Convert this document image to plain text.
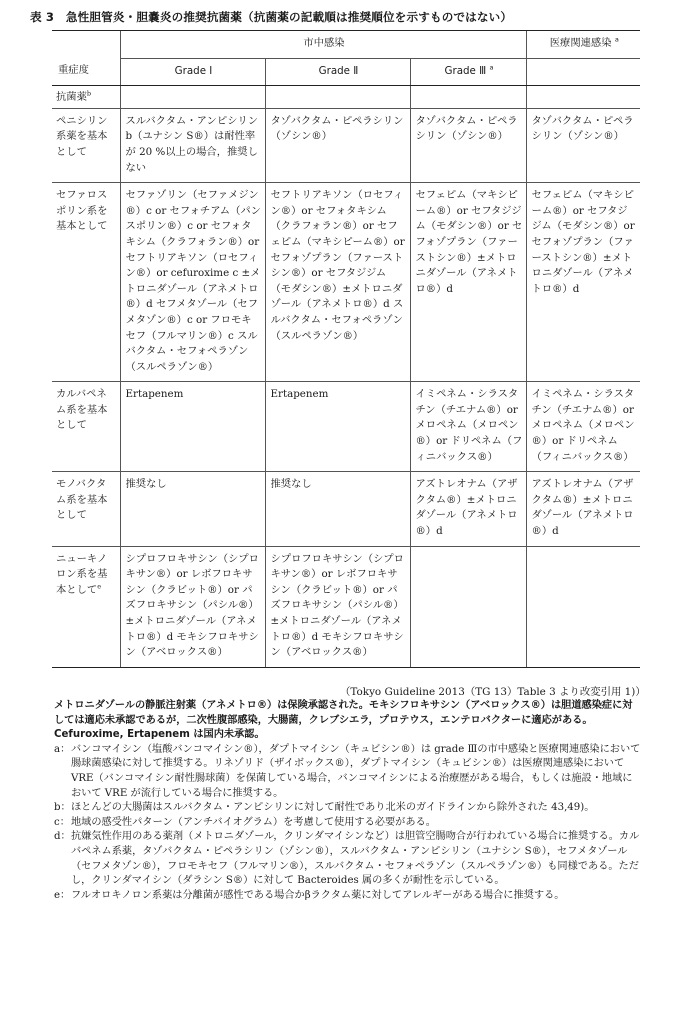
表 3　急性胆管炎・胆嚢炎の推奨抗菌薬（抗菌薬の記載順は推奨順位を示すものではない）
	市中感染			医療関連感染 $^a$
重症度	Grade Ⅰ	Grade Ⅱ	Grade Ⅲ $^a$	
抗菌薬$^b$				
ペニシリン系薬を基本として	スルバクタム・アンピシリン b（ユナシン S®）は耐性率が 20 %以上の場合，推奨しない	タゾバクタム・ピペラシリン（ゾシン®）	タゾバクタム・ピペラシリン（ゾシン®）	タゾバクタム・ピペラシリン（ゾシン®）
セファロスポリン系を基本として	セファゾリン（セファメジン®）c or セフォチアム（パンスポリン®）c or セフォタキシム（クラフォラン®）or セフトリアキソン（ロセフィン®）or cefuroxime c ±メトロニダゾール（アネメトロ®）d セフメタゾール（セフメタゾン®）c or フロモキセフ（フルマリン®）c スルバクタム・セフォペラゾン（スルペラゾン®）	セフトリアキソン（ロセフィン®）or セフォタキシム（クラフォラン®）or セフェピム（マキシピーム®）or セフォゾプラン（ファーストシン®）or セフタジジム（モダシン®）±メトロニダゾール（アネメトロ®）d スルバクタム・セフォペラゾン（スルペラゾン®）	セフェピム（マキシピーム®）or セフタジジム（モダシン®）or セフォゾプラン（ファーストシン®）±メトロニダゾール（アネメトロ®）d	セフェピム（マキシピーム®）or セフタジジム（モダシン®）or セフォゾプラン（ファーストシン®）±メトロニダゾール（アネメトロ®）d
カルバペネム系を基本として	Ertapenem	Ertapenem	イミペネム・シラスタチン（チエナム®）or メロペネム（メロペン®）or ドリペネム（フィニバックス®）	イミペネム・シラスタチン（チエナム®）or メロペネム（メロペン®）or ドリペネム（フィニバックス®）
モノバクタム系を基本として	推奨なし	推奨なし	アズトレオナム（アザクタム®）±メトロニダゾール（アネメトロ®）d	アズトレオナム（アザクタム®）±メトロニダゾール（アネメトロ®）d
ニューキノロン系を基本として$^e$	シプロフロキサシン（シプロキサン®）or レボフロキサシン（クラビット®）or パズフロキサシン（パシル®）±メトロニダゾール（アネメトロ®）d モキシフロキサシン（アベロックス®）	シプロフロキサシン（シプロキサン®）or レボフロキサシン（クラビット®）or パズフロキサシン（パシル®）±メトロニダゾール（アネメトロ®）d モキシフロキサシン（アベロックス®）		
（Tokyo Guideline 2013（TG 13）Table 3 より改変引用 1)）
メトロニダゾールの静脈注射薬（アネメトロ®）は保険承認された。モキシフロキサシン（アベロックス®）は胆道感染症に対しては適応未承認であるが，二次性腹部感染，大腸菌，クレブシエラ，プロテウス，エンテロバクターに適応がある。Cefuroxime, Ertapenem は国内未承認。
a： バンコマイシン（塩酸バンコマイシン®），ダプトマイシン（キュビシン®）は grade Ⅲの市中感染と医療関連感染において腸球菌感染に対して推奨する。リネゾリド（ザイボックス®），ダプトマイシン（キュビシン®）は医療関連感染において VRE（バンコマイシン耐性腸球菌）を保菌している場合，バンコマイシンによる治療歴がある場合，もしくは施設・地域において VRE が流行している場合に推奨する。
b： ほとんどの大腸菌はスルバクタム・アンピシリンに対して耐性であり北米のガイドラインから除外された 43,49)。
c： 地域の感受性パターン（アンチバイオグラム）を考慮して使用する必要がある。
d： 抗嫌気性作用のある薬剤（メトロニダゾール，クリンダマイシンなど）は胆管空腸吻合が行われている場合に推奨する。カルバペネム系薬，タゾバクタム・ピペラシリン（ゾシン®），スルバクタム・アンピシリン（ユナシン S®），セフメタゾール（セフメタゾン®），フロモキセフ（フルマリン®），スルバクタム・セフォペラゾン（スルペラゾン®）も同様である。ただし，クリンダマイシン（ダラシン S®）に対して Bacteroides 属の多くが耐性を示している。
e： フルオロキノロン系薬は分離菌が感性である場合かβラクタム薬に対してアレルギーがある場合に推奨する。
